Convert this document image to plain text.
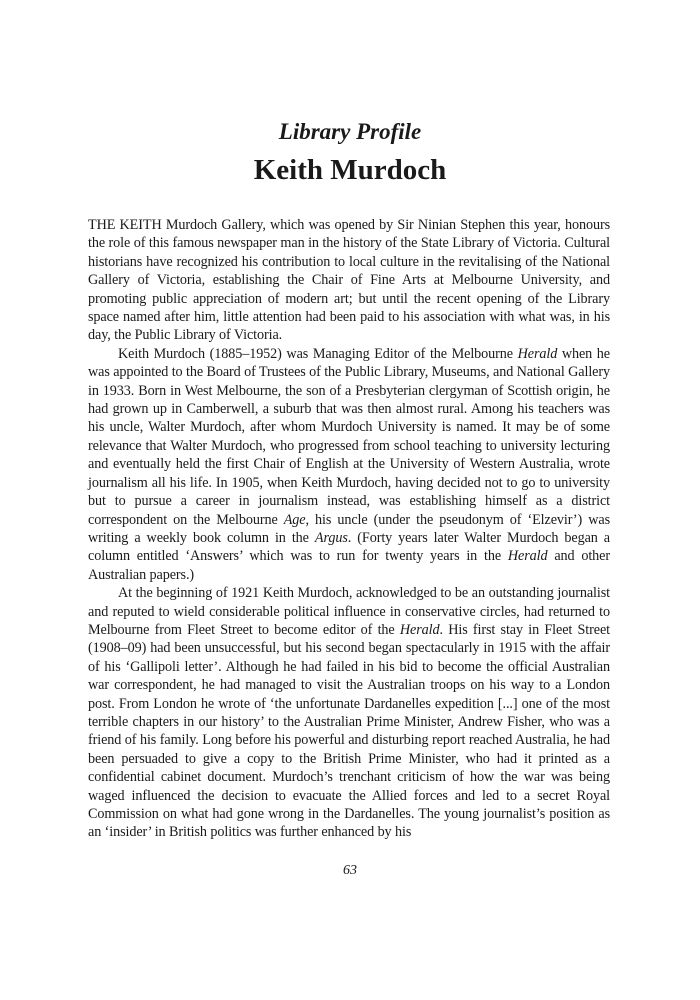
Library Profile
Keith Murdoch

THE KEITH Murdoch Gallery, which was opened by Sir Ninian Stephen this year, honours the role of this famous newspaper man in the history of the State Library of Victoria. Cultural historians have recognized his contribution to local culture in the revitalising of the National Gallery of Victoria, establishing the Chair of Fine Arts at Melbourne University, and promoting public appreciation of modern art; but until the recent opening of the Library space named after him, little attention had been paid to his association with what was, in his day, the Public Library of Victoria.

Keith Murdoch (1885–1952) was Managing Editor of the Melbourne Herald when he was appointed to the Board of Trustees of the Public Library, Museums, and National Gallery in 1933. Born in West Melbourne, the son of a Presbyterian clergyman of Scottish origin, he had grown up in Camberwell, a suburb that was then almost rural. Among his teachers was his uncle, Walter Murdoch, after whom Murdoch University is named. It may be of some relevance that Walter Murdoch, who progressed from school teaching to university lecturing and eventually held the first Chair of English at the University of Western Australia, wrote journalism all his life. In 1905, when Keith Murdoch, having decided not to go to university but to pursue a career in journalism instead, was establishing himself as a district correspondent on the Melbourne Age, his uncle (under the pseudonym of ‘Elzevir’) was writing a weekly book column in the Argus. (Forty years later Walter Murdoch began a column entitled ‘Answers’ which was to run for twenty years in the Herald and other Australian papers.)

At the beginning of 1921 Keith Murdoch, acknowledged to be an outstanding journalist and reputed to wield considerable political influence in conservative circles, had returned to Melbourne from Fleet Street to become editor of the Herald. His first stay in Fleet Street (1908–09) had been unsuccessful, but his second began spectacularly in 1915 with the affair of his ‘Gallipoli letter’. Although he had failed in his bid to become the official Australian war correspondent, he had managed to visit the Australian troops on his way to a London post. From London he wrote of ‘the unfortunate Dardanelles expedition [...] one of the most terrible chapters in our history’ to the Australian Prime Minister, Andrew Fisher, who was a friend of his family. Long before his powerful and disturbing report reached Australia, he had been persuaded to give a copy to the British Prime Minister, who had it printed as a confidential cabinet document. Murdoch’s trenchant criticism of how the war was being waged influenced the decision to evacuate the Allied forces and led to a secret Royal Commission on what had gone wrong in the Dardanelles. The young journalist’s position as an ‘insider’ in British politics was further enhanced by his

63
